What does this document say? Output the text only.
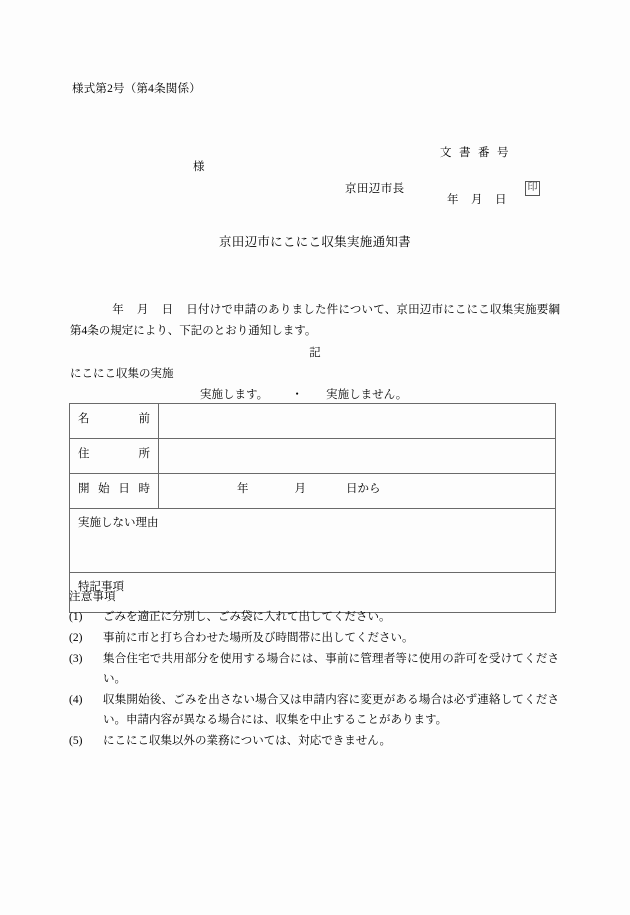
様式第2号（第4条関係）

文書番号

年月日

様
京田辺市長	印
京田辺市にこにこ収集実施通知書
年月日日付けで申請のありました件について、京田辺市にこにこ収集実施要綱第4条の規定により、下記のとおり通知します。
記
にこにこ収集の実施
実施します。 ・ 実施しません。
名 前	

住 所	

開 始 日 時	年 月 日から
実施しない理由	
特記事項	
注意事項
(1)	ごみを適正に分別し、ごみ袋に入れて出してください。
(2)	事前に市と打ち合わせた場所及び時間帯に出してください。
(3)	集合住宅で共用部分を使用する場合には、事前に管理者等に使用の許可を受けてください。
(4)	収集開始後、ごみを出さない場合又は申請内容に変更がある場合は必ず連絡してください。申請内容が異なる場合には、収集を中止することがあります。
(5)	にこにこ収集以外の業務については、対応できません。
